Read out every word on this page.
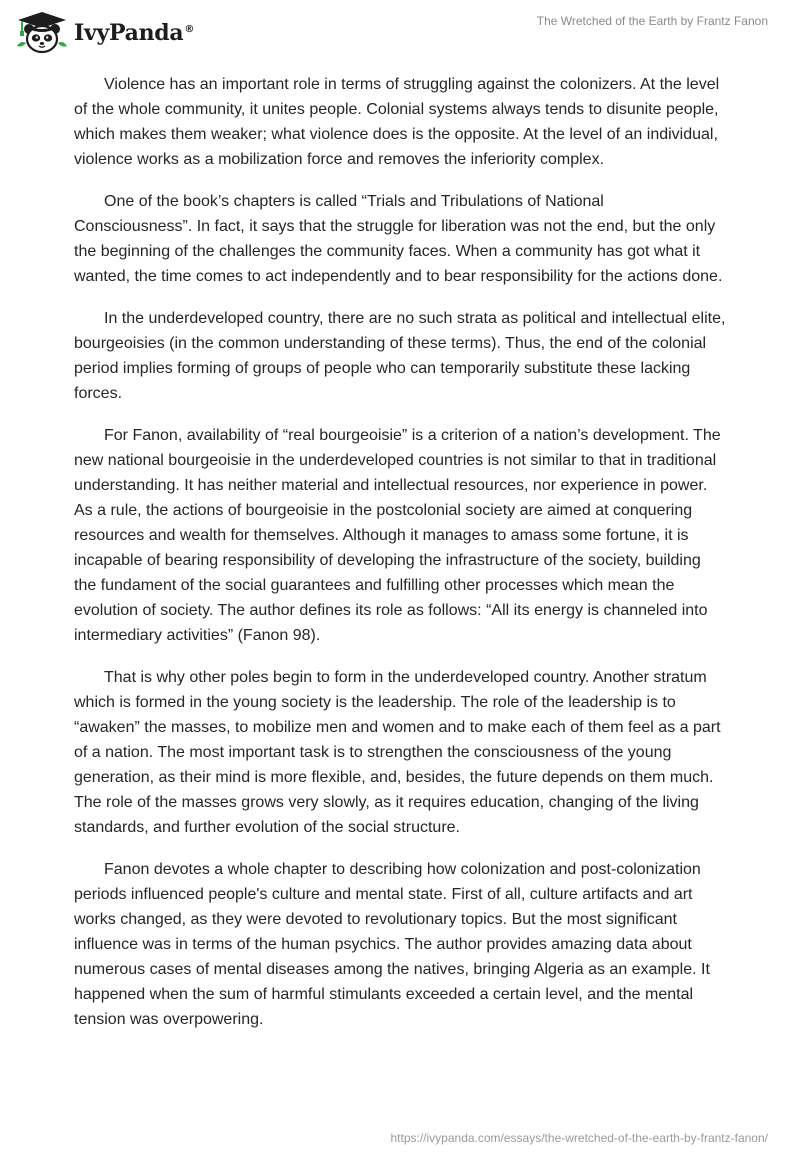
IvyPanda®
The Wretched of the Earth by Frantz Fanon

Violence has an important role in terms of struggling against the colonizers. At the level of the whole community, it unites people. Colonial systems always tends to disunite people, which makes them weaker; what violence does is the opposite. At the level of an individual, violence works as a mobilization force and removes the inferiority complex.

One of the book’s chapters is called “Trials and Tribulations of National Consciousness”. In fact, it says that the struggle for liberation was not the end, but the only the beginning of the challenges the community faces. When a community has got what it wanted, the time comes to act independently and to bear responsibility for the actions done.

In the underdeveloped country, there are no such strata as political and intellectual elite, bourgeoisies (in the common understanding of these terms). Thus, the end of the colonial period implies forming of groups of people who can temporarily substitute these lacking forces.

For Fanon, availability of “real bourgeoisie” is a criterion of a nation’s development. The new national bourgeoisie in the underdeveloped countries is not similar to that in traditional understanding. It has neither material and intellectual resources, nor experience in power. As a rule, the actions of bourgeoisie in the postcolonial society are aimed at conquering resources and wealth for themselves. Although it manages to amass some fortune, it is incapable of bearing responsibility of developing the infrastructure of the society, building the fundament of the social guarantees and fulfilling other processes which mean the evolution of society. The author defines its role as follows: “All its energy is channeled into intermediary activities” (Fanon 98).

That is why other poles begin to form in the underdeveloped country. Another stratum which is formed in the young society is the leadership. The role of the leadership is to “awaken” the masses, to mobilize men and women and to make each of them feel as a part of a nation. The most important task is to strengthen the consciousness of the young generation, as their mind is more flexible, and, besides, the future depends on them much. The role of the masses grows very slowly, as it requires education, changing of the living standards, and further evolution of the social structure.

Fanon devotes a whole chapter to describing how colonization and post-colonization periods influenced people's culture and mental state. First of all, culture artifacts and art works changed, as they were devoted to revolutionary topics. But the most significant influence was in terms of the human psychics. The author provides amazing data about numerous cases of mental diseases among the natives, bringing Algeria as an example. It happened when the sum of harmful stimulants exceeded a certain level, and the mental tension was overpowering.

https://ivypanda.com/essays/the-wretched-of-the-earth-by-frantz-fanon/
